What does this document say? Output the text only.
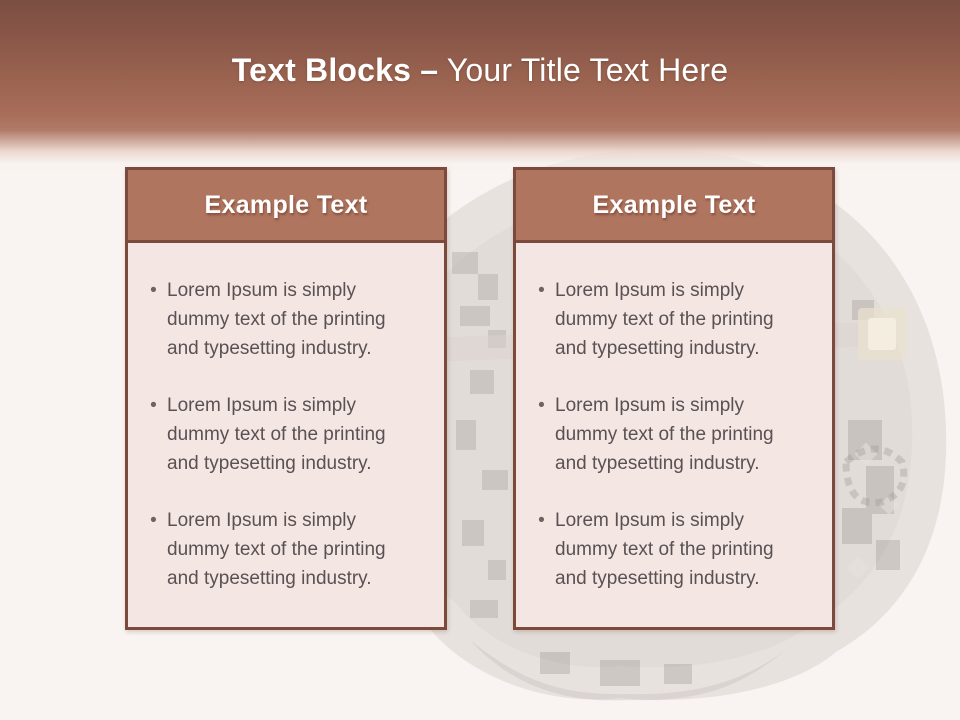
Text Blocks – Your Title Text Here
Example Text
• Lorem Ipsum is simply dummy text of the printing and typesetting industry.
• Lorem Ipsum is simply dummy text of the printing and typesetting industry.
• Lorem Ipsum is simply dummy text of the printing and typesetting industry.
Example Text
• Lorem Ipsum is simply dummy text of the printing and typesetting industry.
• Lorem Ipsum is simply dummy text of the printing and typesetting industry.
• Lorem Ipsum is simply dummy text of the printing and typesetting industry.
